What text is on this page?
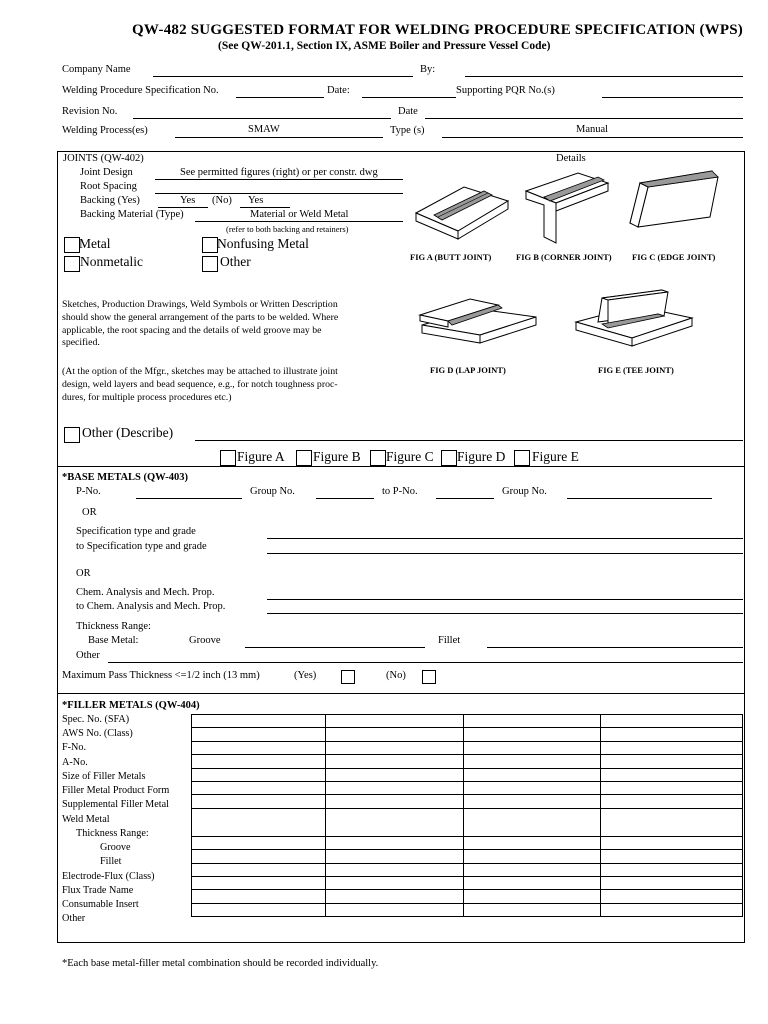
QW-482 SUGGESTED FORMAT FOR WELDING PROCEDURE SPECIFICATION (WPS)
(See QW-201.1, Section IX, ASME Boiler and Pressure Vessel Code)
Company Name	By:
Welding Procedure Specification No.	Date:	Supporting PQR No.(s)
Revision No.	Date
Welding Process(es)	SMAW	Type (s)	Manual
JOINTS (QW-402)	Details
Joint Design	See permitted figures (right) or per constr. dwg
Root Spacing
Backing (Yes)	Yes (No) Yes
Backing Material (Type)	Material or Weld Metal
(refer to both backing and retainers)
Metal	Nonfusing Metal
Nonmetalic	Other	FIG A (BUTT JOINT)	FIG B (CORNER JOINT) FIG C (EDGE JOINT)
FIG D (LAP JOINT)	FIG E (TEE JOINT)
Sketches, Production Drawings, Weld Symbols or Written Description
should show the general arrangement of the parts to be welded. Where
applicable, the root spacing and the details of weld groove may be
specified.
(At the option of the Mfgr., sketches may be attached to illustrate joint
design, weld layers and bead sequence, e.g., for notch toughness proc-
dures, for multiple process procedures etc.)
Other (Describe)
Figure A Figure B Figure C Figure D Figure E
*BASE METALS (QW-403)
P-No.	Group No.	to P-No.	Group No.
OR
Specification type and grade
to Specification type and grade
OR
Chem. Analysis and Mech. Prop.
to Chem. Analysis and Mech. Prop.
Thickness Range:
Base Metal:	Groove	Fillet
Other
Maximum Pass Thickness <=1/2 inch (13 mm)	(Yes)	(No)
*FILLER METALS (QW-404)
Spec. No. (SFA)
AWS No. (Class)
F-No.
A-No.
Size of Filler Metals
Filler Metal Product Form
Supplemental Filler Metal
Weld Metal
Thickness Range:
Groove
Fillet
Electrode-Flux (Class)
Flux Trade Name
Consumable Insert
Other

*Each base metal-filler metal combination should be recorded individually.
